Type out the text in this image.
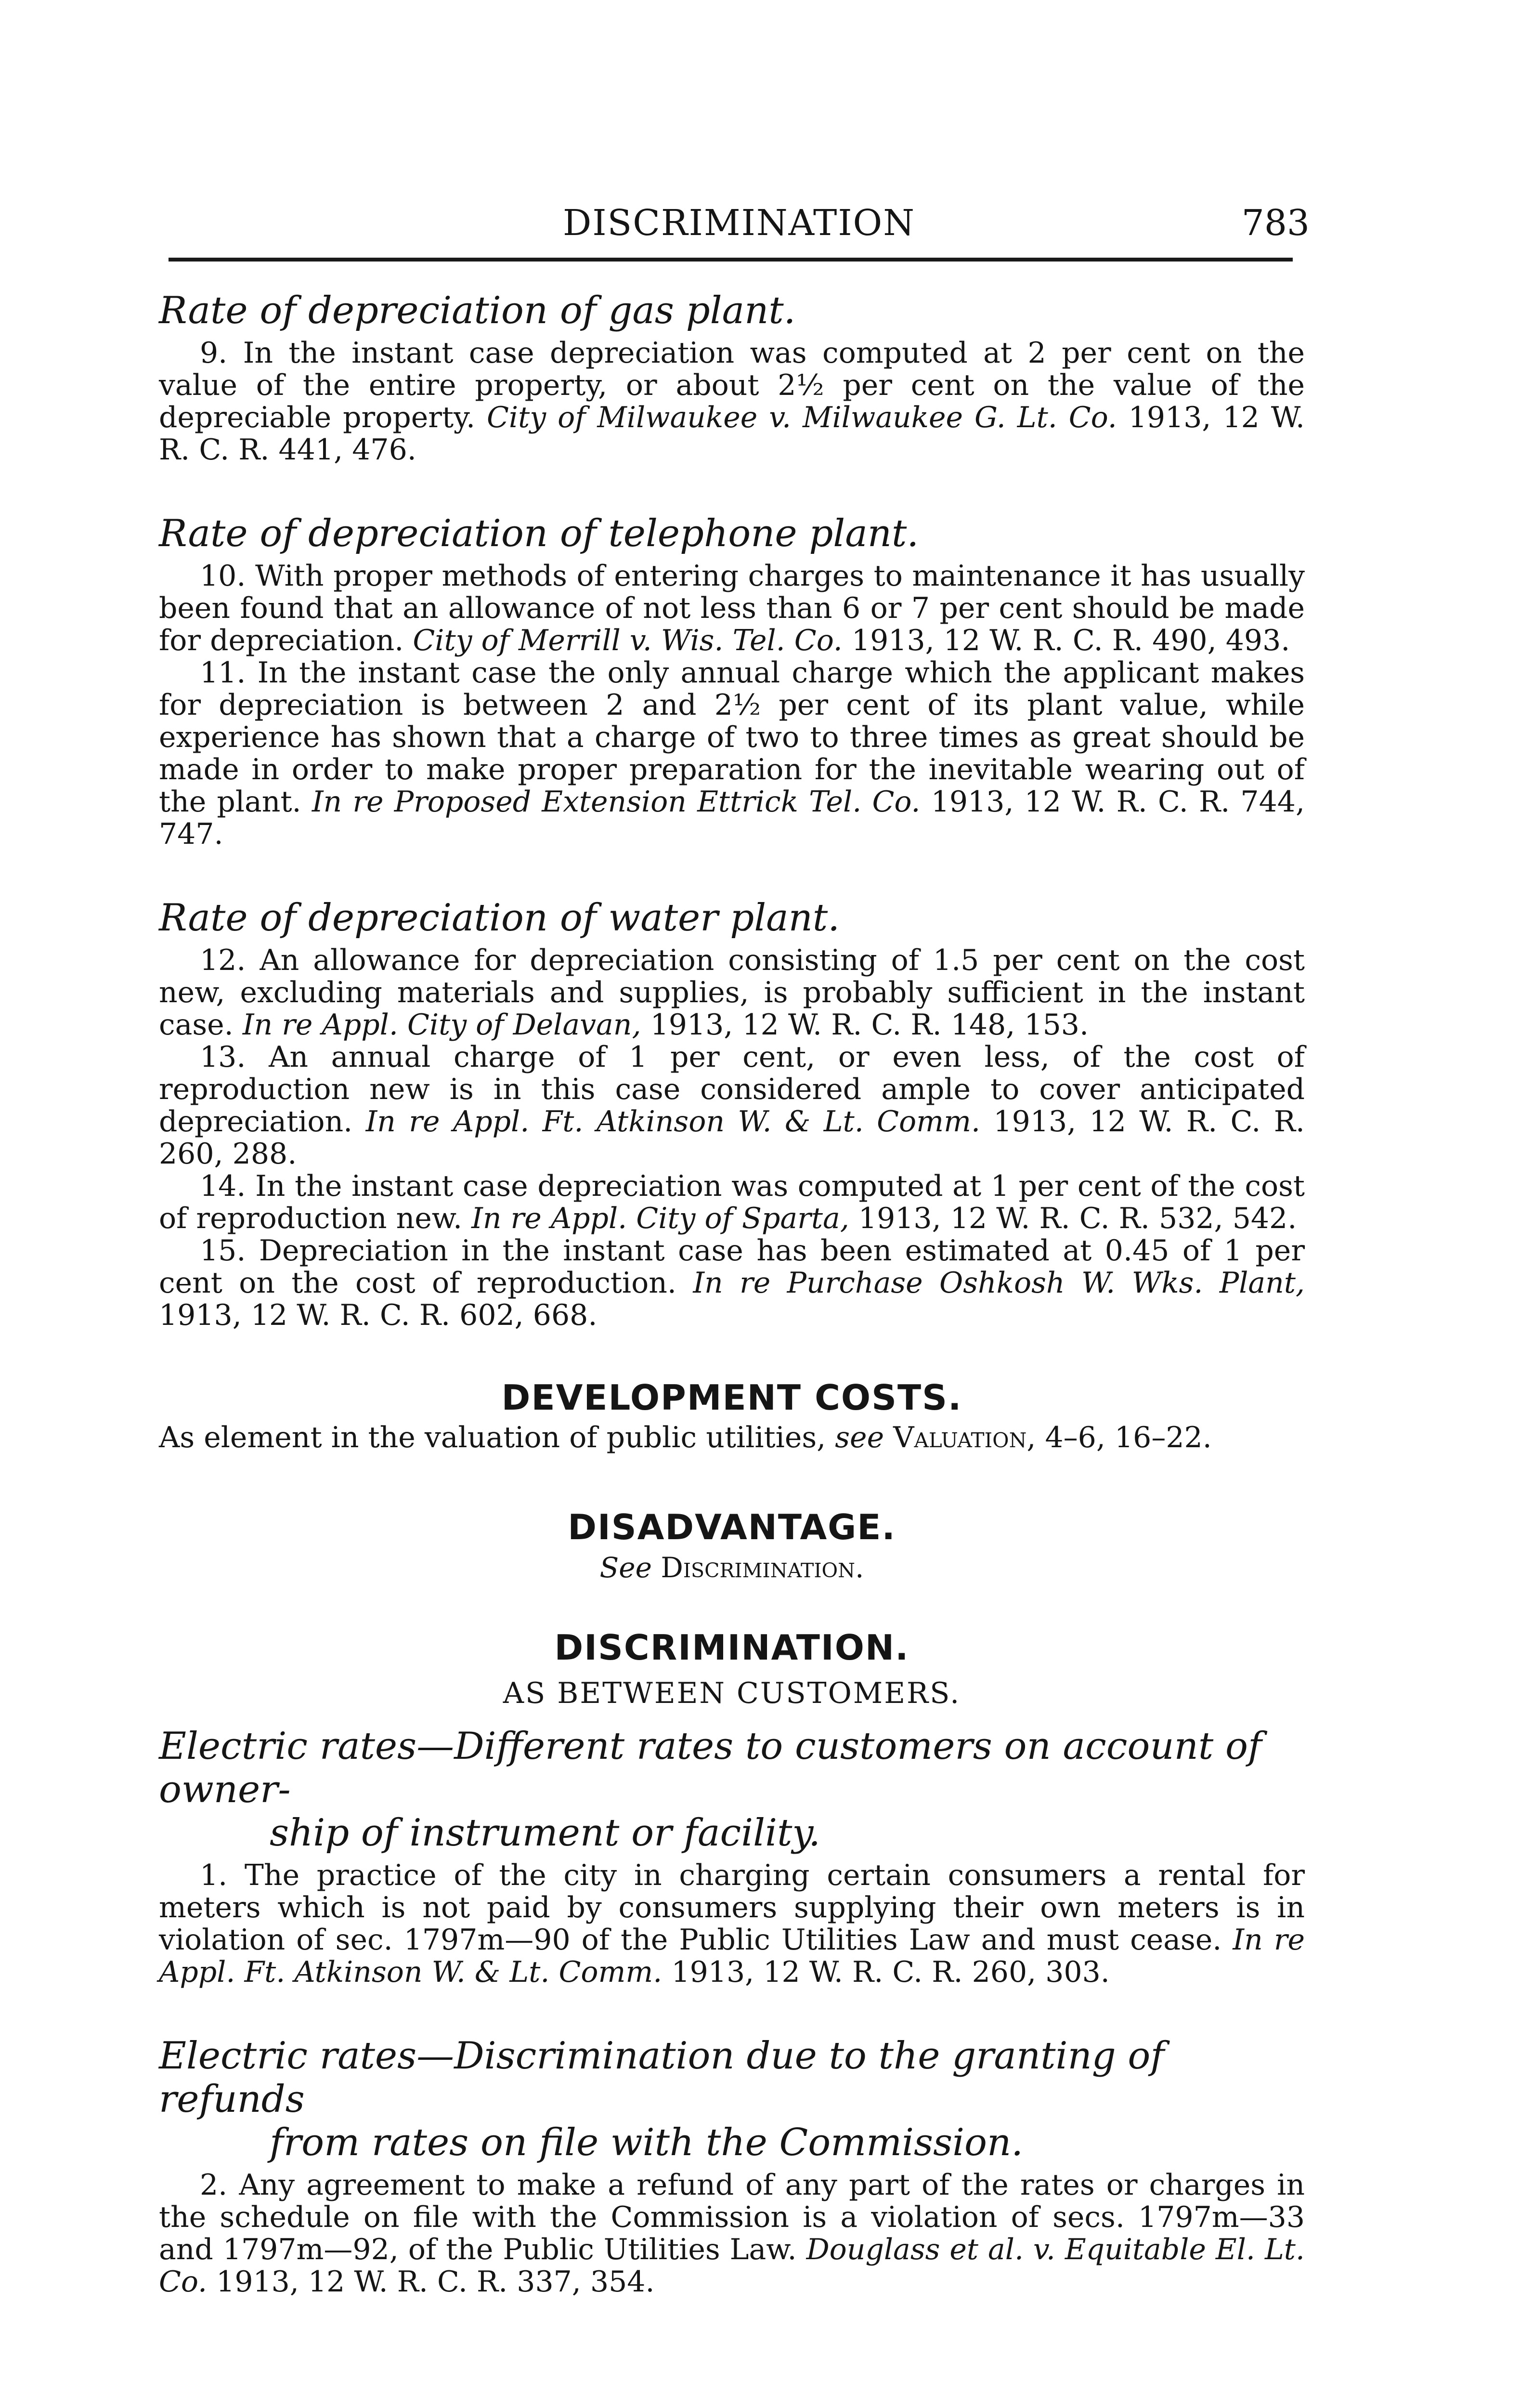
DISCRIMINATION	783
Rate of depreciation of gas plant.

9. In the instant case depreciation was computed at 2 per cent on the value of the entire property, or about 2½ per cent on the value of the depreciable property. City of Milwaukee v. Milwaukee G. Lt. Co. 1913, 12 W. R. C. R. 441, 476.

Rate of depreciation of telephone plant.

10. With proper methods of entering charges to maintenance it has usually been found that an allowance of not less than 6 or 7 per cent should be made for depreciation. City of Merrill v. Wis. Tel. Co. 1913, 12 W. R. C. R. 490, 493.

11. In the instant case the only annual charge which the applicant makes for depreciation is between 2 and 2½ per cent of its plant value, while experience has shown that a charge of two to three times as great should be made in order to make proper preparation for the inevitable wearing out of the plant. In re Proposed Extension Ettrick Tel. Co. 1913, 12 W. R. C. R. 744, 747.

Rate of depreciation of water plant.

12. An allowance for depreciation consisting of 1.5 per cent on the cost new, excluding materials and supplies, is probably sufficient in the instant case. In re Appl. City of Delavan, 1913, 12 W. R. C. R. 148, 153.

13. An annual charge of 1 per cent, or even less, of the cost of reproduction new is in this case considered ample to cover anticipated depreciation. In re Appl. Ft. Atkinson W. & Lt. Comm. 1913, 12 W. R. C. R. 260, 288.

14. In the instant case depreciation was computed at 1 per cent of the cost of reproduction new. In re Appl. City of Sparta, 1913, 12 W. R. C. R. 532, 542.

15. Depreciation in the instant case has been estimated at 0.45 of 1 per cent on the cost of reproduction. In re Purchase Oshkosh W. Wks. Plant, 1913, 12 W. R. C. R. 602, 668.

DEVELOPMENT COSTS.

As element in the valuation of public utilities, see Valuation, 4–6, 16–22.

DISADVANTAGE.

See Discrimination.

DISCRIMINATION.
AS BETWEEN CUSTOMERS.
Electric rates—Different rates to customers on account of owner-
ship of instrument or facility.

1. The practice of the city in charging certain consumers a rental for meters which is not paid by consumers supplying their own meters is in violation of sec. 1797m—90 of the Public Utilities Law and must cease. In re Appl. Ft. Atkinson W. & Lt. Comm. 1913, 12 W. R. C. R. 260, 303.

Electric rates—Discrimination due to the granting of refunds
from rates on file with the Commission.

2. Any agreement to make a refund of any part of the rates or charges in the schedule on file with the Commission is a violation of secs. 1797m—33 and 1797m—92, of the Public Utilities Law. Douglass et al. v. Equitable El. Lt. Co. 1913, 12 W. R. C. R. 337, 354.
